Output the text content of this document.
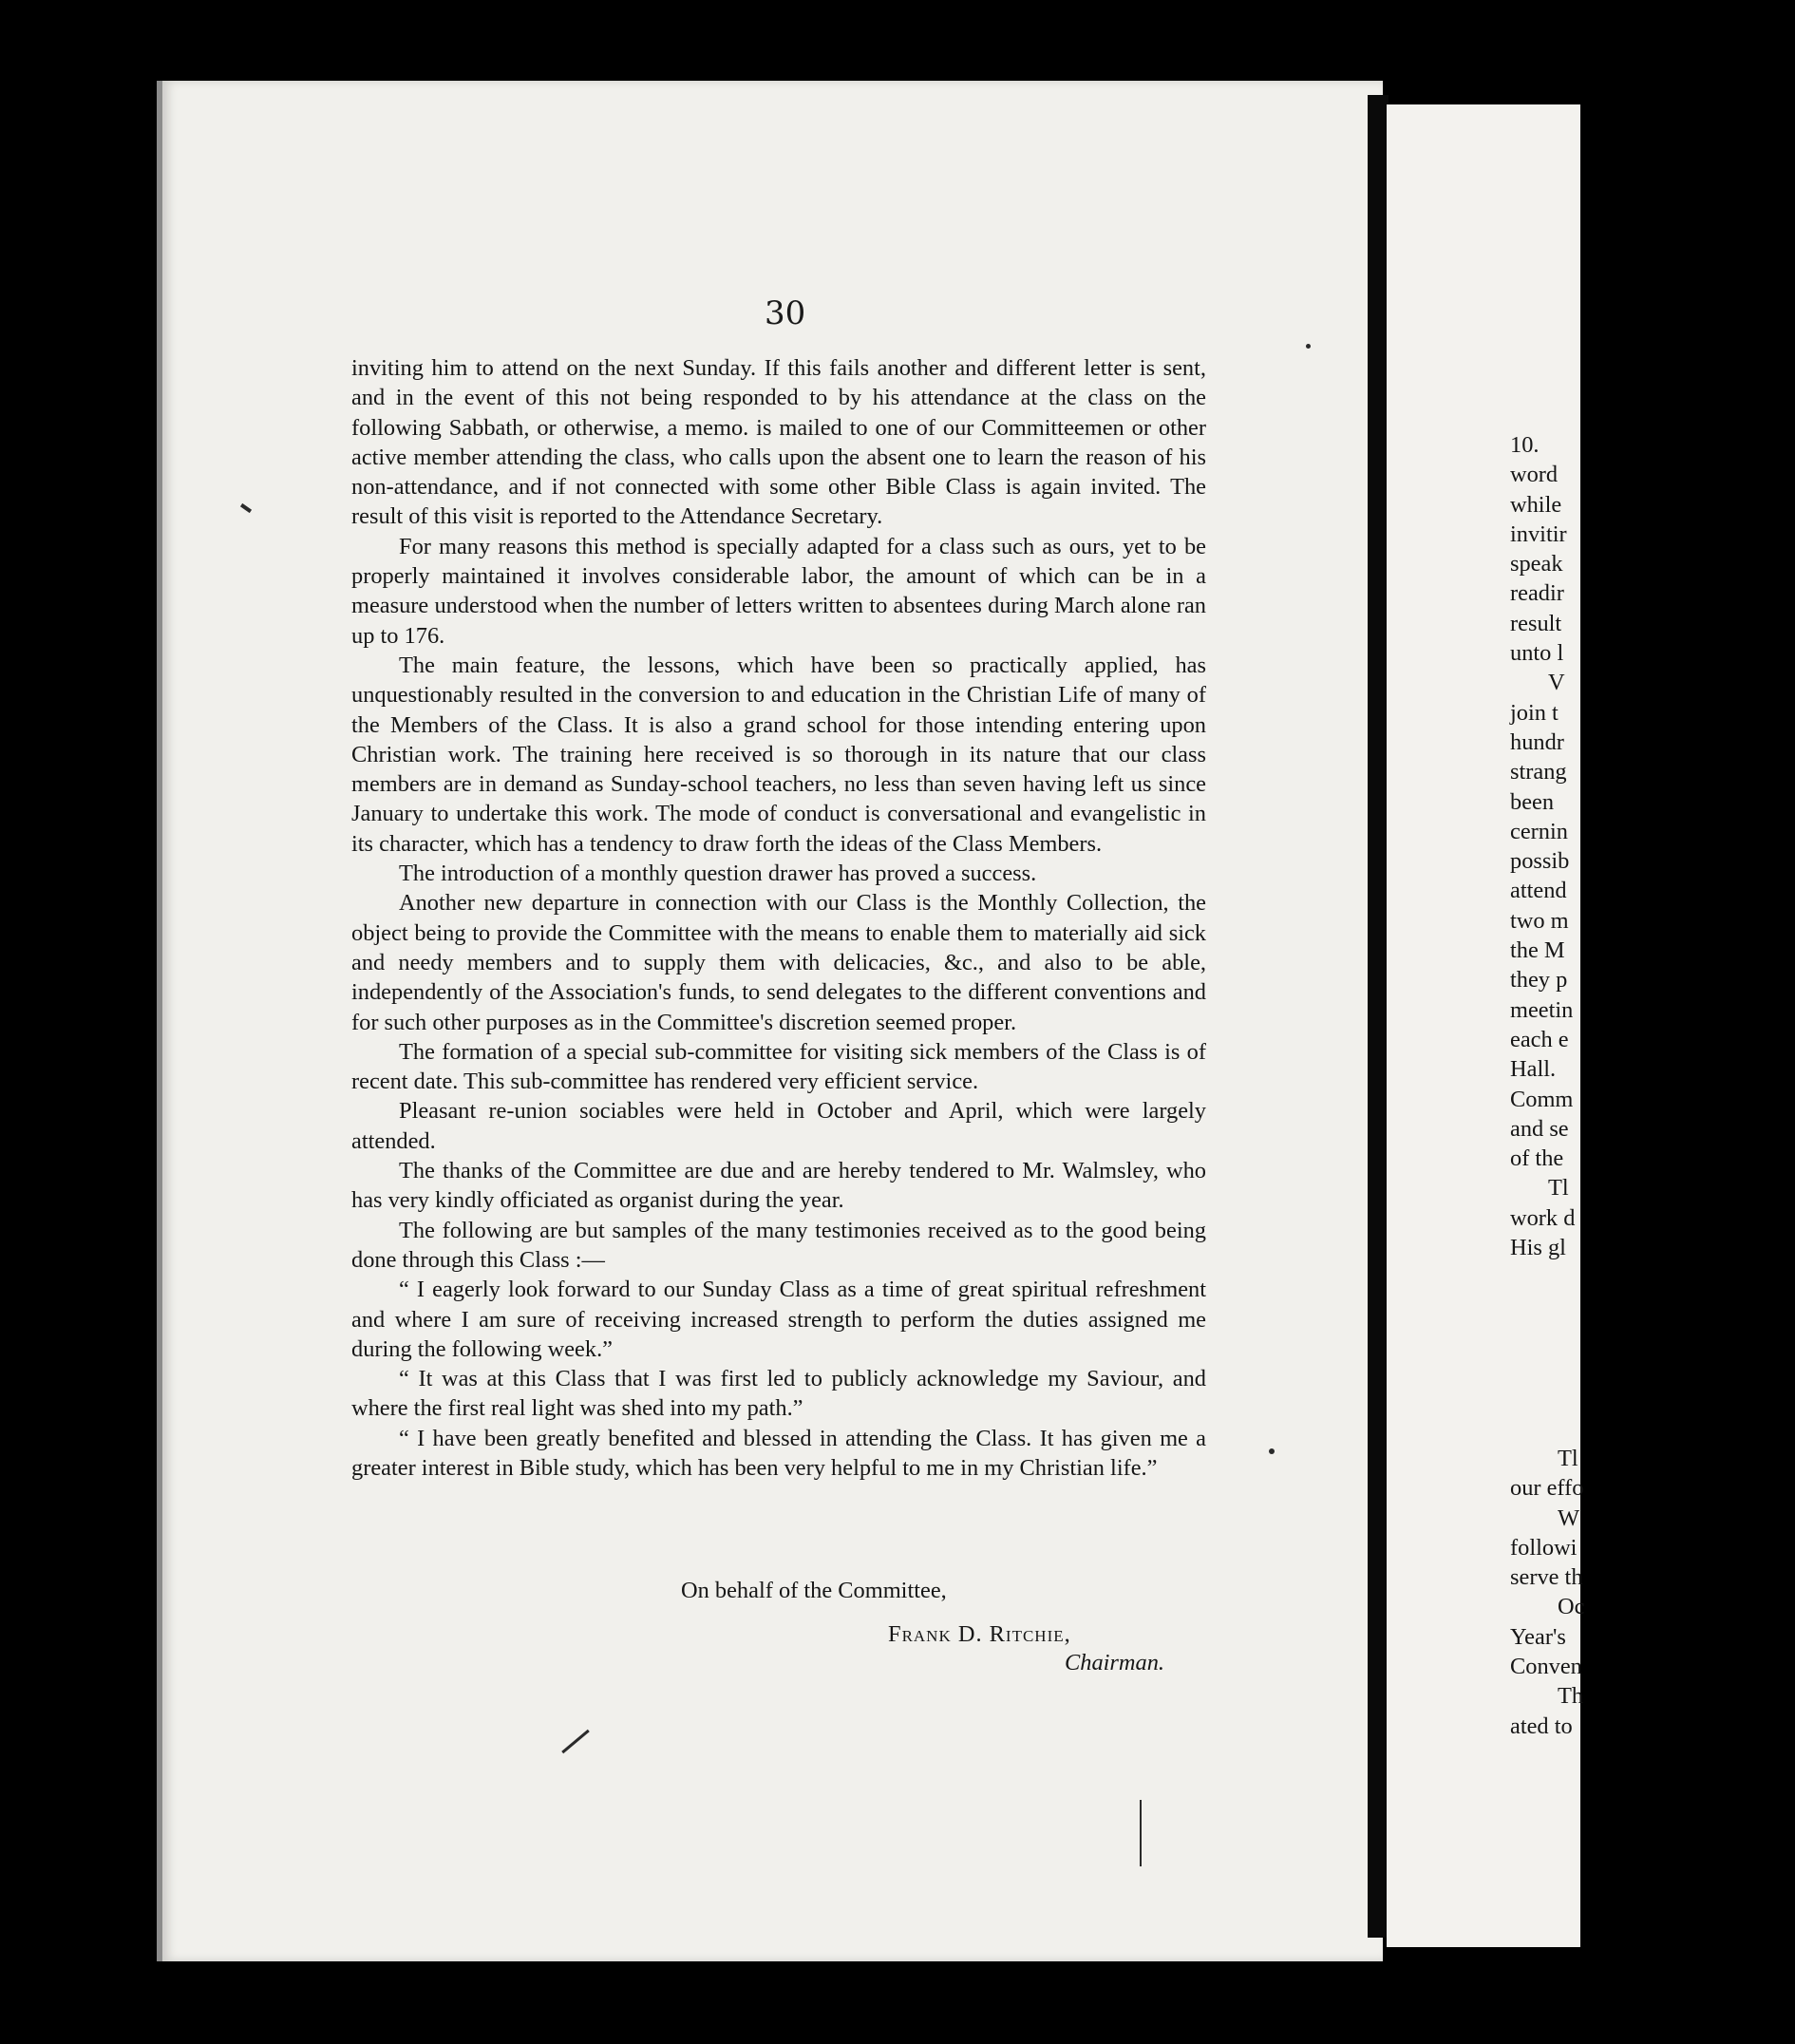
30

inviting him to attend on the next Sunday. If this fails another and different letter is sent, and in the event of this not being responded to by his attendance at the class on the following Sabbath, or otherwise, a memo. is mailed to one of our Committeemen or other active member attending the class, who calls upon the absent one to learn the reason of his non-attendance, and if not connected with some other Bible Class is again invited. The result of this visit is reported to the Attendance Secretary.

For many reasons this method is specially adapted for a class such as ours, yet to be properly maintained it involves considerable labor, the amount of which can be in a measure understood when the number of letters written to absentees during March alone ran up to 176.

The main feature, the lessons, which have been so practically applied, has unquestionably resulted in the conversion to and education in the Christian Life of many of the Members of the Class. It is also a grand school for those intending entering upon Christian work. The training here received is so thorough in its nature that our class members are in demand as Sunday-school teachers, no less than seven having left us since January to undertake this work. The mode of conduct is conversational and evangelistic in its character, which has a tendency to draw forth the ideas of the Class Members.

The introduction of a monthly question drawer has proved a success.

Another new departure in connection with our Class is the Monthly Collection, the object being to provide the Committee with the means to enable them to materially aid sick and needy members and to supply them with delicacies, &c., and also to be able, independently of the Association's funds, to send delegates to the different conventions and for such other purposes as in the Committee's discretion seemed proper.

The formation of a special sub-committee for visiting sick members of the Class is of recent date. This sub-committee has rendered very efficient service.

Pleasant re-union sociables were held in October and April, which were largely attended.

The thanks of the Committee are due and are hereby tendered to Mr. Walmsley, who has very kindly officiated as organist during the year.

The following are but samples of the many testimonies received as to the good being done through this Class :—

“ I eagerly look forward to our Sunday Class as a time of great spiritual refreshment and where I am sure of receiving increased strength to perform the duties assigned me during the following week.”

“ It was at this Class that I was first led to publicly acknowledge my Saviour, and where the first real light was shed into my path.”

“ I have been greatly benefited and blessed in attending the Class. It has given me a greater interest in Bible study, which has been very helpful to me in my Christian life.”

On behalf of the Committee,
Frank D. Ritchie,
Chairman.
10.
word
while
invitir
speak
readir
result
unto l
V
join t
hundr
strang
been
cernin
possib
attend
two m
the M
they p
meetin
each e
Hall.
Comm
and se
of the
Tl
work d
His gl
Tl
our effo
W
followi
serve th
Oc
Year's
Conven
Th
ated to
